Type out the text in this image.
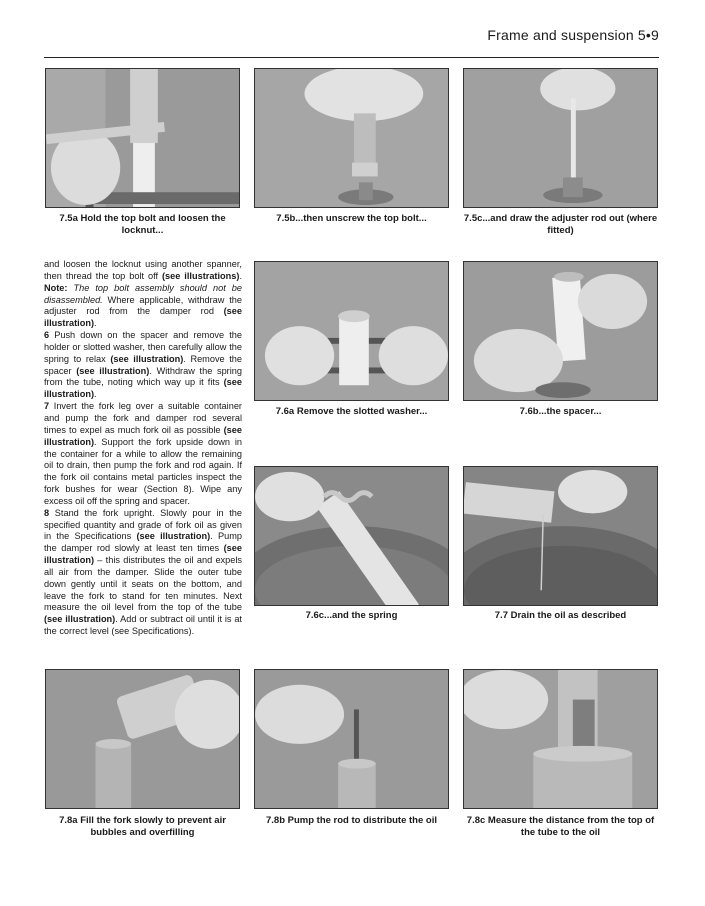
Frame and suspension 5•9
7.5a Hold the top bolt and loosen the locknut...
7.5b...then unscrew the top bolt...	7.5c...and draw the adjuster rod out (where fitted)
7.6a Remove the slotted washer...	7.6b...the spacer...
7.6c...and the spring	7.7 Drain the oil as described
7.8a Fill the fork slowly to prevent air bubbles and overfilling
7.8b Pump the rod to distribute the oil	7.8c Measure the distance from the top of the tube to the oil

and loosen the locknut using another spanner, then thread the top bolt off (see illustrations). Note: The top bolt assembly should not be disassembled. Where applicable, withdraw the adjuster rod from the damper rod (see illustration).

6 Push down on the spacer and remove the holder or slotted washer, then carefully allow the spring to relax (see illustration). Remove the spacer (see illustration). Withdraw the spring from the tube, noting which way up it fits (see illustration).

7 Invert the fork leg over a suitable container and pump the fork and damper rod several times to expel as much fork oil as possible (see illustration). Support the fork upside down in the container for a while to allow the remaining oil to drain, then pump the fork and rod again. If the fork oil contains metal particles inspect the fork bushes for wear (Section 8). Wipe any excess oil off the spring and spacer.

8 Stand the fork upright. Slowly pour in the specified quantity and grade of fork oil as given in the Specifications (see illustration). Pump the damper rod slowly at least ten times (see illustration) – this distributes the oil and expels all air from the damper. Slide the outer tube down gently until it seats on the bottom, and leave the fork to stand for ten minutes. Next measure the oil level from the top of the tube (see illustration). Add or subtract oil until it is at the correct level (see Specifications).
